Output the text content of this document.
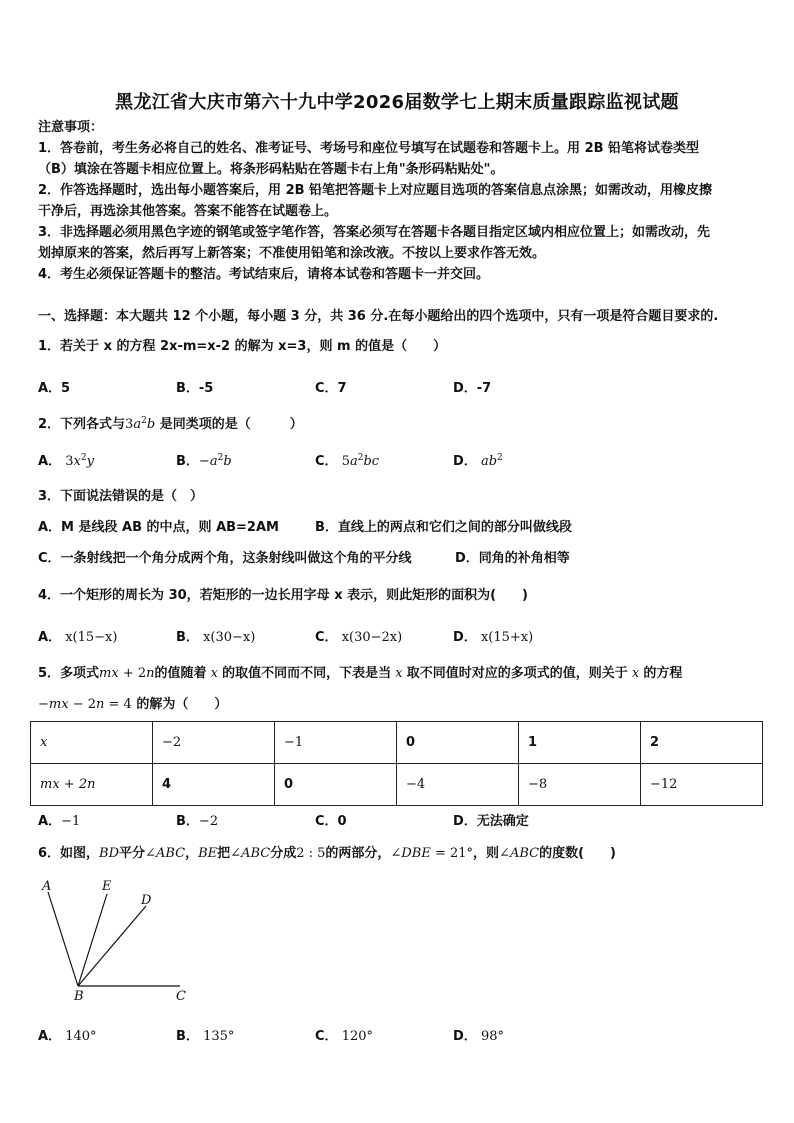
黑龙江省大庆市第六十九中学2026届数学七上期末质量跟踪监视试题
注意事项：
1．答卷前，考生务必将自己的姓名、准考证号、考场号和座位号填写在试题卷和答题卡上。用 2B 铅笔将试卷类型
（B）填涂在答题卡相应位置上。将条形码粘贴在答题卡右上角"条形码粘贴处"。
2．作答选择题时，选出每小题答案后，用 2B 铅笔把答题卡上对应题目选项的答案信息点涂黑；如需改动，用橡皮擦
干净后，再选涂其他答案。答案不能答在试题卷上。
3．非选择题必须用黑色字迹的钢笔或签字笔作答，答案必须写在答题卡各题目指定区域内相应位置上；如需改动，先
划掉原来的答案，然后再写上新答案；不准使用铅笔和涂改液。不按以上要求作答无效。
4．考生必须保证答题卡的整洁。考试结束后，请将本试卷和答题卡一并交回。
一、选择题：本大题共 12 个小题，每小题 3 分，共 36 分.在每小题给出的四个选项中，只有一项是符合题目要求的.
1．若关于 x 的方程 2x-m=x-2 的解为 x=3，则 m 的值是（　　）
A．5	B．-5	C．7	D．-7
2．下列各式与$3a^2b$ 是同类项的是（　　　）
A． $3x^2y$	B．$-a^2b$	C． $5a^2bc$	D． $ab^2$
3．下面说法错误的是（　）
A．M 是线段 AB 的中点，则 AB=2AM	B．直线上的两点和它们之间的部分叫做线段
C．一条射线把一个角分成两个角，这条射线叫做这个角的平分线	D．同角的补角相等
4．一个矩形的周长为 30，若矩形的一边长用字母 x 表示，则此矩形的面积为(　　)
A． x(15−x)	B． x(30−x)	C． x(30−2x)	D． x(15+x)
5．多项式mx + 2n的值随着 x 的取值不同而不同，下表是当 x 取不同值时对应的多项式的值，则关于 x 的方程
−mx − 2n = 4 的解为（　　）
x	−2	−1	0	1	2
mx + 2n	4	0	−4	−8	−12
A．−1	B．−2	C．0	D．无法确定
6．如图，BD平分∠ABC，BE把∠ABC分成2 : 5的两部分，∠DBE = 21°，则∠ABC的度数(　　)
A	E
D
B	C
A． 140°	B． 135°	C． 120°	D． 98°
